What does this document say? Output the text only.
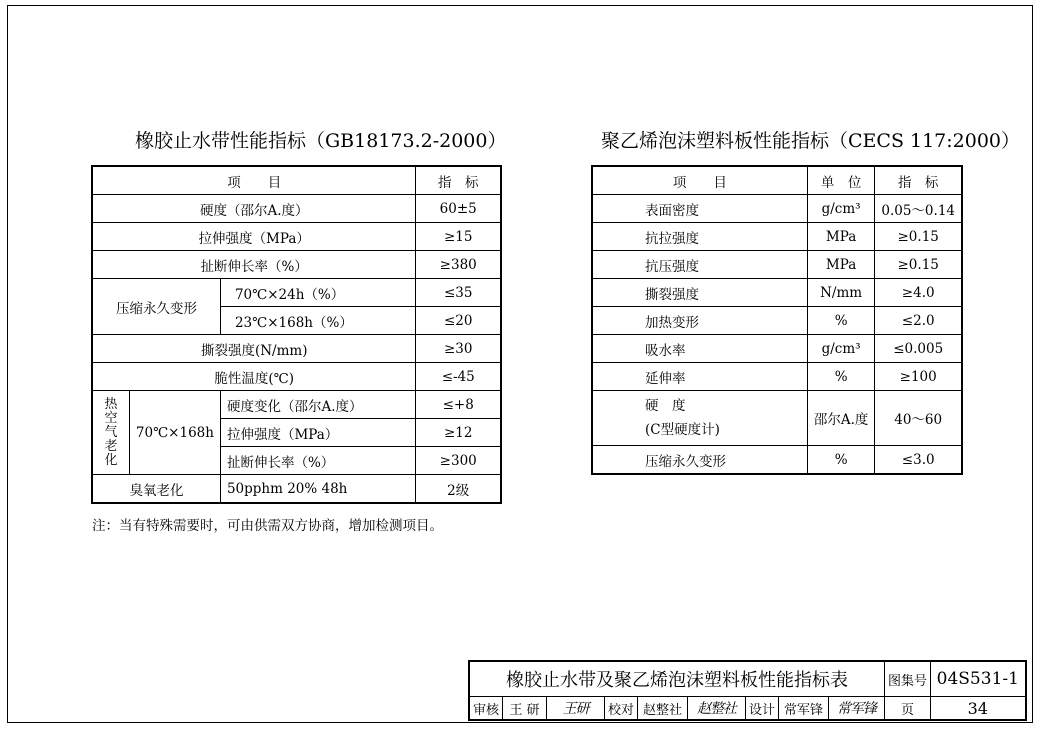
橡胶止水带性能指标（GB18173.2-2000）
项　　目			指　标
硬度（邵尔A.度）			60±5
拉伸强度（MPa）			≥15
扯断伸长率（%）			≥380
压缩永久变形		70℃×24h（%）	≤35
		23℃×168h（%）	≤20
撕裂强度(N/mm)			≥30
脆性温度(℃)			≤-45

热
空
气
老
化	70℃×168h	硬度变化（邵尔A.度）	≤+8
		拉伸强度（MPa）	≥12
		扯断伸长率（%）	≥300
臭氧老化		50pphm 20% 48h	2级
注：当有特殊需要时，可由供需双方协商，增加检测项目。
聚乙烯泡沫塑料板性能指标（CECS 117:2000）
项　　目	单　位	指　标
表面密度	g/cm³	0.05～0.14
抗拉强度	MPa	≥0.15
抗压强度	MPa	≥0.15
撕裂强度	N/mm	≥4.0
加热变形	%	≤2.0
吸水率	g/cm³	≤0.005
延伸率	%	≥100

硬　度
(C型硬度计)	邵尔A.度	40～60
压缩永久变形	%	≤3.0
橡胶止水带及聚乙烯泡沫塑料板性能指标表									图集号	04S531-1
审核	王 研	王研	校对	赵整社	赵整社	设计	常军锋	常军锋	页	34
